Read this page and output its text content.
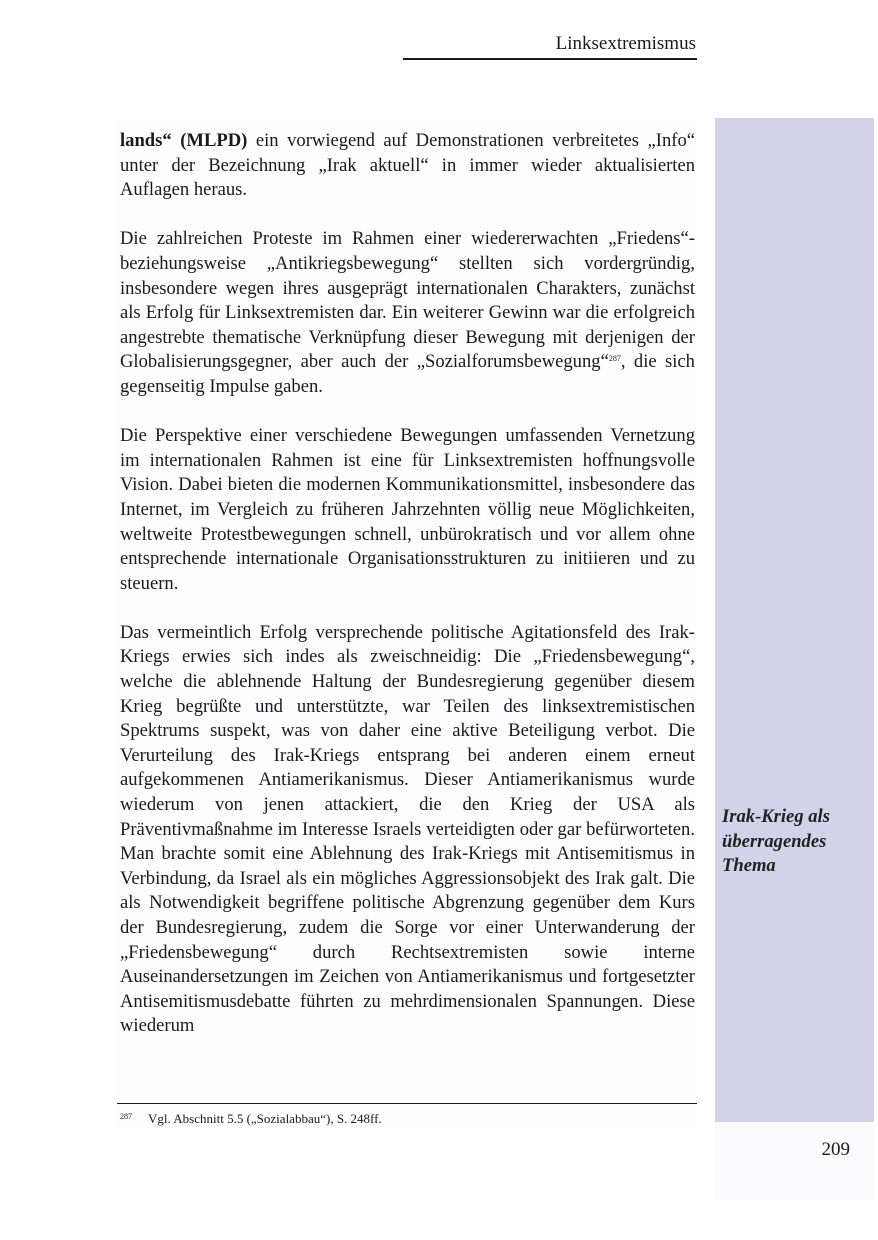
Linksextremismus

lands“ (MLPD) ein vorwiegend auf Demonstrationen verbreitetes „Info“ unter der Bezeichnung „Irak aktuell“ in immer wieder aktualisierten Auflagen heraus.

Die zahlreichen Proteste im Rahmen einer wiedererwachten „Friedens“- beziehungsweise „Antikriegsbewegung“ stellten sich vordergründig, insbesondere wegen ihres ausgeprägt internationalen Charakters, zunächst als Erfolg für Linksextremisten dar. Ein weiterer Gewinn war die erfolgreich angestrebte thematische Verknüpfung dieser Bewegung mit derjenigen der Globalisierungsgegner, aber auch der „Sozialforumsbewegung“$^{287}$, die sich gegenseitig Impulse gaben.

Die Perspektive einer verschiedene Bewegungen umfassenden Vernetzung im internationalen Rahmen ist eine für Linksextremisten hoffnungsvolle Vision. Dabei bieten die modernen Kommunikationsmittel, insbesondere das Internet, im Vergleich zu früheren Jahrzehnten völlig neue Möglichkeiten, weltweite Protestbewegungen schnell, unbürokratisch und vor allem ohne entsprechende internationale Organisationsstrukturen zu initiieren und zu steuern.

Das vermeintlich Erfolg versprechende politische Agitationsfeld des Irak-Kriegs erwies sich indes als zweischneidig: Die „Friedensbewegung“, welche die ablehnende Haltung der Bundesregierung gegenüber diesem Krieg begrüßte und unterstützte, war Teilen des linksextremistischen Spektrums suspekt, was von daher eine aktive Beteiligung verbot. Die Verurteilung des Irak-Kriegs entsprang bei anderen einem erneut aufgekommenen Antiamerikanismus. Dieser Antiamerikanismus wurde wiederum von jenen attackiert, die den Krieg der USA als Präventivmaßnahme im Interesse Israels verteidigten oder gar befürworteten. Man brachte somit eine Ablehnung des Irak-Kriegs mit Antisemitismus in Verbindung, da Israel als ein mögliches Aggressionsobjekt des Irak galt. Die als Notwendigkeit begriffene politische Abgrenzung gegenüber dem Kurs der Bundesregierung, zudem die Sorge vor einer Unterwanderung der „Friedensbewegung“ durch Rechtsextremisten sowie interne Auseinandersetzungen im Zeichen von Antiamerikanismus und fortgesetzter Antisemitismusdebatte führten zu mehrdimensionalen Spannungen. Diese wiederum

Irak-Krieg als
überragendes
Thema
$^{287}$ Vgl. Abschnitt 5.5 („Sozialabbau“), S. 248ff.
209
